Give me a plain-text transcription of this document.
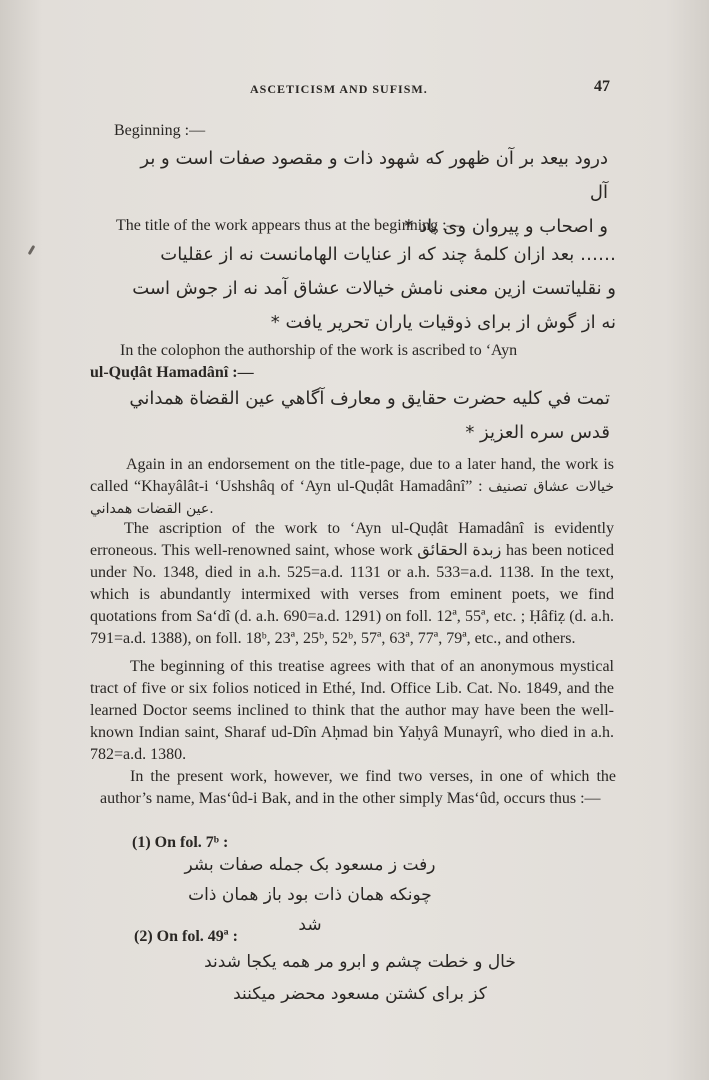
ASCETICISM AND SUFISM.	47

Beginning :—

درود بیعد بر آن ظهور که شهود ذات و مقصود صفات است و بر آل

و اصحاب و پیروان وی باد *

The title of the work appears thus at the beginning :—

…… بعد ازان کلمهٔ چند که از عنایات الهامانست نه از عقلیات

و نقلیاتست ازین معنی نامش خیالات عشاق آمد نه از جوش است

نه از گوش از برای ذوقیات یاران تحریر یافت *

In the colophon the authorship of the work is ascribed to ‘Ayn

ul-Quḍât Hamadânî :—

تمت في کلیه حضرت حقایق و معارف آگاهي عین القضاة همداني

قدس سره العزیز *

Again in an endorsement on the title-page, due to a later hand, the work is called “Khayâlât-i ‘Ushshâq of ‘Ayn ul-Quḍât Hamadânî” : خیالات عشاق تصنیف عین القضات همداني.

The ascription of the work to ‘Ayn ul-Quḍât Hamadânî is evidently erroneous. This well-renowned saint, whose work زبدة الحقائق has been noticed under No. 1348, died in a.h. 525=a.d. 1131 or a.h. 533=a.d. 1138. In the text, which is abundantly intermixed with verses from eminent poets, we find quotations from Sa‘dî (d. a.h. 690=a.d. 1291) on foll. 12ª, 55ª, etc. ; Ḥâfiẓ (d. a.h. 791=a.d. 1388), on foll. 18ᵇ, 23ª, 25ᵇ, 52ᵇ, 57ª, 63ª, 77ª, 79ª, etc., and others.

The beginning of this treatise agrees with that of an anonymous mystical tract of five or six folios noticed in Ethé, Ind. Office Lib. Cat. No. 1849, and the learned Doctor seems inclined to think that the author may have been the well-known Indian saint, Sharaf ud-Dîn Aḥmad bin Yaḥyâ Munayrî, who died in a.h. 782=a.d. 1380.

In the present work, however, we find two verses, in one of which the author’s name, Mas‘ûd-i Bak, and in the other simply Mas‘ûd, occurs thus :—

(1) On fol. 7ᵇ :

رفت ز مسعود بک جمله صفات بشر

چونکه همان ذات بود باز همان ذات شد

(2) On fol. 49ª :

خال و خطت چشم و ابرو مر همه یکجا شدند

کز برای کشتن مسعود محضر میکنند
